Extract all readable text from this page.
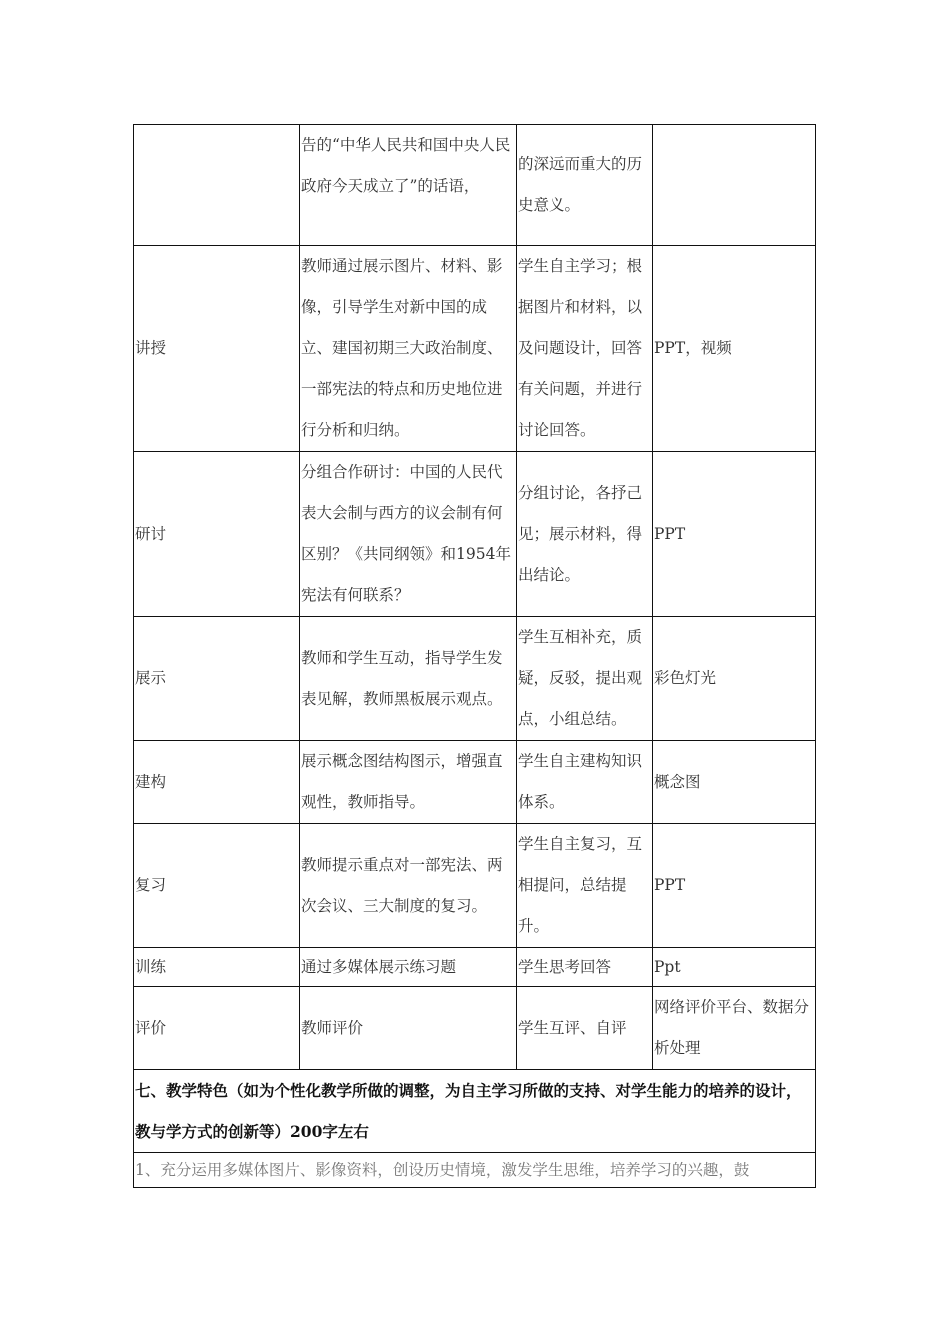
	告的“中华人民共和国中央人民政府今天成立了”的话语，	的深远而重大的历史意义。	
讲授	教师通过展示图片、材料、影像，引导学生对新中国的成立、建国初期三大政治制度、一部宪法的特点和历史地位进行分析和归纳。	学生自主学习；根据图片和材料，以及问题设计，回答有关问题，并进行讨论回答。	PPT，视频
研讨	分组合作研讨：中国的人民代表大会制与西方的议会制有何区别？《共同纲领》和1954年宪法有何联系？	分组讨论，各抒己见；展示材料，得出结论。	PPT
展示	教师和学生互动，指导学生发表见解，教师黑板展示观点。	学生互相补充，质疑，反驳，提出观点，小组总结。	彩色灯光
建构	展示概念图结构图示，增强直观性，教师指导。	学生自主建构知识体系。	概念图
复习	教师提示重点对一部宪法、两次会议、三大制度的复习。	学生自主复习，互相提问，总结提升。	PPT
训练	通过多媒体展示练习题	学生思考回答	Ppt
评价	教师评价	学生互评、自评	网络评价平台、数据分析处理
七、教学特色（如为个性化教学所做的调整，为自主学习所做的支持、对学生能力的培养的设计，教与学方式的创新等）200字左右			
1、充分运用多媒体图片、影像资料，创设历史情境，激发学生思维，培养学习的兴趣，鼓			
